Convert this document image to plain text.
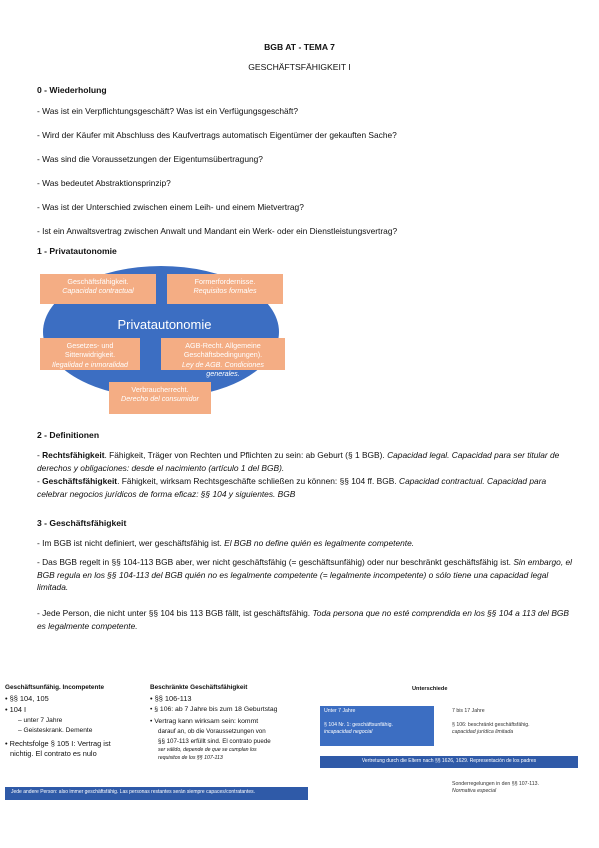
BGB AT - TEMA 7
GESCHÄFTSFÄHIGKEIT I
0 - Wiederholung
- Was ist ein Verpflichtungsgeschäft? Was ist ein Verfügungsgeschäft?
- Wird der Käufer mit Abschluss des Kaufvertrags automatisch Eigentümer der gekauften Sache?
- Was sind die Voraussetzungen der Eigentumsübertragung?
- Was bedeutet Abstraktionsprinzip?
- Was ist der Unterschied zwischen einem Leih- und einem Mietvertrag?
- Ist ein Anwaltsvertrag zwischen Anwalt und Mandant ein Werk- oder ein Dienstleistungsvertrag?
1 - Privatautonomie
Privatautonomie
Geschäftsfähigkeit.
Capacidad contractual
Formerfordernisse.
Requisitos formales
Gesetzes- und Sittenwidrigkeit.
Ilegalidad e inmoralidad
AGB-Recht. Allgemeine Geschäftsbedingungen).
Ley de AGB. Condiciones generales.
Verbraucherrecht.
Derecho del consumidor
2 - Definitionen
- Rechtsfähigkeit. Fähigkeit, Träger von Rechten und Pflichten zu sein: ab Geburt (§ 1 BGB). Capacidad legal. Capacidad para ser titular de derechos y obligaciones: desde el nacimiento (artículo 1 del BGB).
- Geschäftsfähigkeit. Fähigkeit, wirksam Rechtsgeschäfte schließen zu können: §§ 104 ff. BGB. Capacidad contractual. Capacidad para celebrar negocios jurídicos de forma eficaz: §§ 104 y siguientes. BGB
3 - Geschäftsfähigkeit
- Im BGB ist nicht definiert, wer geschäftsfähig ist. El BGB no define quién es legalmente competente.
- Das BGB regelt in §§ 104-113 BGB aber, wer nicht geschäftsfähig (= geschäftsunfähig) oder nur beschränkt geschäftsfähig ist. Sin embargo, el BGB regula en los §§ 104-113 del BGB quién no es legalmente competente (= legalmente incompetente) o sólo tiene una capacidad legal limitada.
- Jede Person, die nicht unter §§ 104 bis 113 BGB fällt, ist geschäftsfähig. Toda persona que no esté comprendida en los §§ 104 a 113 del BGB es legalmente competente.
Geschäftsunfähig. Incompetente
• §§ 104, 105
• 104 I
– unter 7 Jahre
– Geisteskrank. Demente
• Rechtsfolge § 105 I: Vertrag ist
nichtig. El contrato es nulo
Beschränkte Geschäftsfähigkeit
• §§ 106-113
• § 106: ab 7 Jahre bis zum 18 Geburtstag
• Vertrag kann wirksam sein: kommt
darauf an, ob die Voraussetzungen von
§§ 107-113 erfüllt sind. El contrato puede
ser válido, depende de que se cumplan los
requisitos de los §§ 107-113
Jede andere Person: also immer geschäftsfähig. Las personas restantes serán siempre capaces/contratantes.
Unterschiede
Unter 7 Jahre
§ 104 Nr. 1: geschäftsunfähig.
incapacidad negocial
7 bis 17 Jahre
§ 106: beschränkt geschäftsfähig.
capacidad jurídica limitada
Vertretung durch die Eltern nach §§ 1626, 1629. Representación de los padres
Sonderregelungen in den §§ 107-113.
Normativa especial
